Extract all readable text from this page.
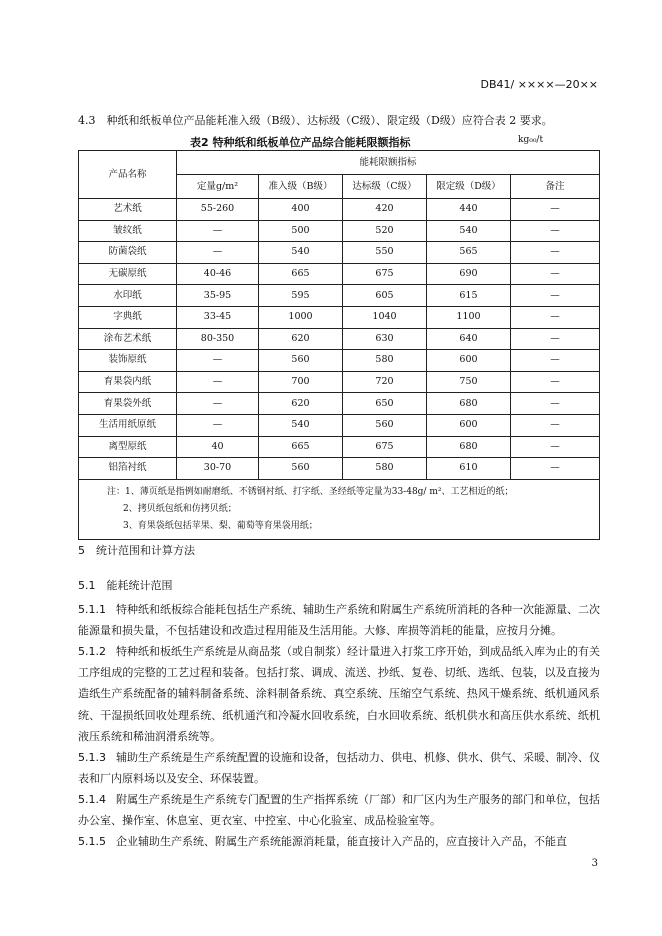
DB41/ ××××—20××
4.3　种纸和纸板单位产品能耗准入级（B级）、达标级（C级）、限定级（D级）应符合表 2 要求。
表2 特种纸和纸板单位产品综合能耗限额指标	kg₀₀/t
产品名称	能耗限额指标				
	定量g/m²	准入级（B级）	达标级（C级）	限定级（D级）	备注
艺术纸	55-260	400	420	440	—
皱纹纸	—	500	520	540	—
防菌袋纸	—	540	550	565	—
无碳原纸	40-46	665	675	690	—
水印纸	35-95	595	605	615	—
字典纸	33-45	1000	1040	1100	—
涂布艺术纸	80-350	620	630	640	—
装饰原纸	—	560	580	600	—
育果袋内纸	—	700	720	750	—
育果袋外纸	—	620	650	680	—
生活用纸原纸	—	540	560	600	—
离型原纸	40	665	675	680	—
铝箔衬纸	30-70	560	580	610	—

注：1、薄页纸是指例如耐磨纸、不锈钢衬纸、打字纸、圣经纸等定量为33-48g/ m²、工艺相近的纸；
2、拷贝纸包纸和仿拷贝纸；
3、育果袋纸包括苹果、梨、葡萄等育果袋用纸；					
5　统计范围和计算方法
5.1　能耗统计范围
5.1.1 特种纸和纸板综合能耗包括生产系统、辅助生产系统和附属生产系统所消耗的各种一次能源量、二次能源量和损失量，不包括建设和改造过程用能及生活用能。大修、库损等消耗的能量，应按月分摊。
5.1.2 特种纸和板纸生产系统是从商品浆（或自制浆）经计量进入打浆工序开始，到成品纸入库为止的有关工序组成的完整的工艺过程和装备。包括打浆、调成、流送、抄纸、复卷、切纸、选纸、包装，以及直接为造纸生产系统配备的辅料制备系统、涂料制备系统、真空系统、压缩空气系统、热风干燥系统、纸机通风系统、干湿损纸回收处理系统、纸机通汽和冷凝水回收系统，白水回收系统、纸机供水和高压供水系统、纸机液压系统和稀油润滑系统等。
5.1.3 辅助生产系统是生产系统配置的设施和设备，包括动力、供电、机修、供水、供气、采暖、制冷、仪表和厂内原料场以及安全、环保装置。
5.1.4 附属生产系统是生产系统专门配置的生产指挥系统（厂部）和厂区内为生产服务的部门和单位，包括办公室、操作室、休息室、更衣室、中控室、中心化验室、成品检验室等。
5.1.5 企业辅助生产系统、附属生产系统能源消耗量，能直接计入产品的，应直接计入产品，不能直
3
